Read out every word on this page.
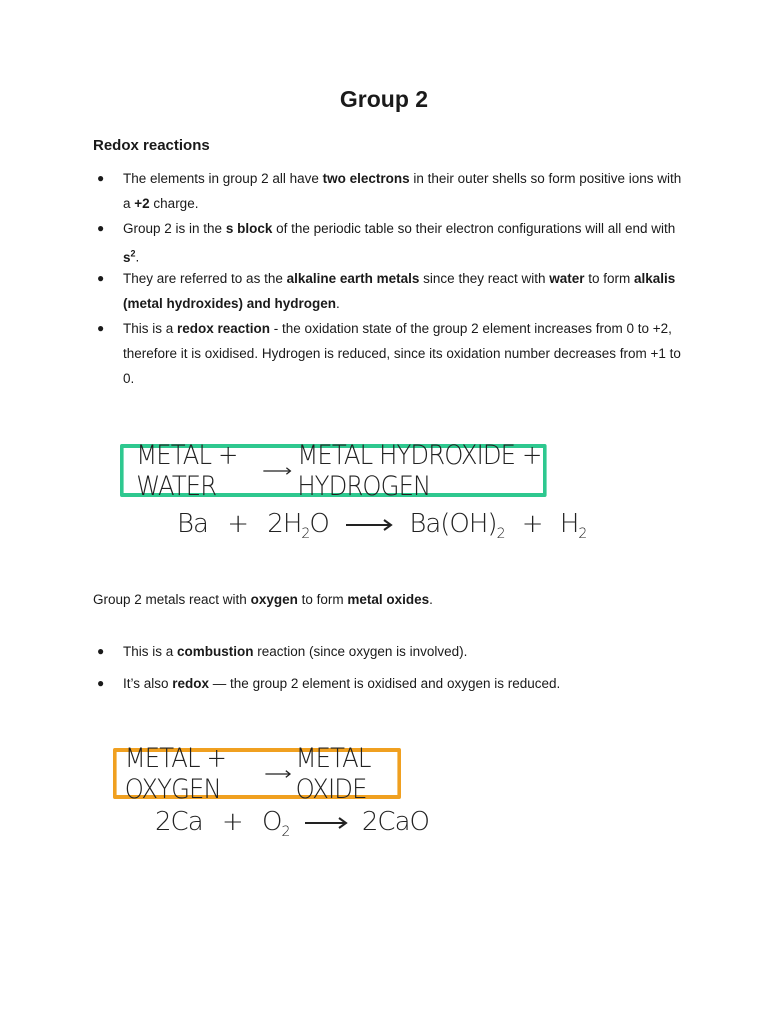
Group 2
Redox reactions
● The elements in group 2 all have two electrons in their outer shells so form positive ions with a +2 charge.
● Group 2 is in the s block of the periodic table so their electron configurations will all end with $s^2$.
● They are referred to as the alkaline earth metals since they react with water to form alkalis (metal hydroxides) and hydrogen.
● This is a redox reaction - the oxidation state of the group 2 element increases from 0 to +2, therefore it is oxidised. Hydrogen is reduced, since its oxidation number decreases from +1 to 0.
METAL + WATER
METAL HYDROXIDE + HYDROGEN
$Ba + 2H_2O$	$Ba(OH)_2 + H_2$
Group 2 metals react with oxygen to form metal oxides.
● This is a combustion reaction (since oxygen is involved).
● It’s also redox — the group 2 element is oxidised and oxygen is reduced.
METAL + OXYGEN
METAL OXIDE
$2Ca + O_2$	2CaO
